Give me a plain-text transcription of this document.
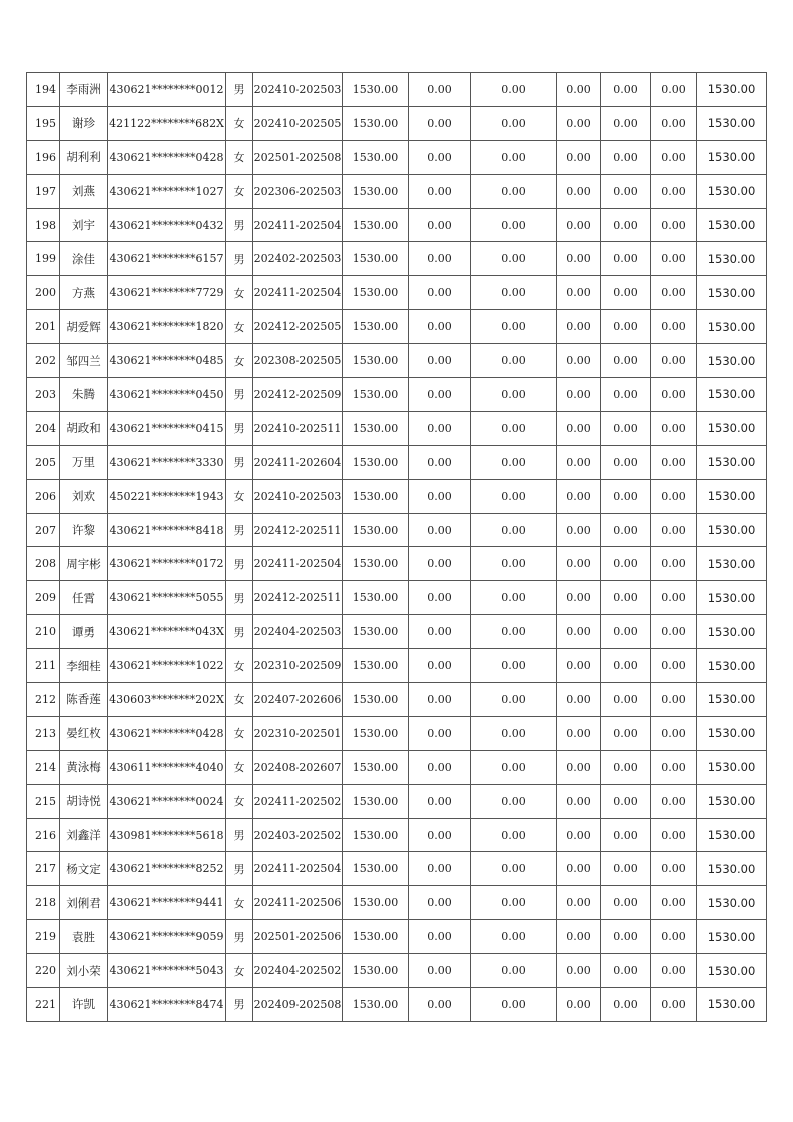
194	李雨洲	430621********0012	男	202410-202503	1530.00	0.00	0.00	0.00	0.00	0.00	1530.00
195	谢珍	421122********682X	女	202410-202505	1530.00	0.00	0.00	0.00	0.00	0.00	1530.00
196	胡利利	430621********0428	女	202501-202508	1530.00	0.00	0.00	0.00	0.00	0.00	1530.00
197	刘燕	430621********1027	女	202306-202503	1530.00	0.00	0.00	0.00	0.00	0.00	1530.00
198	刘宇	430621********0432	男	202411-202504	1530.00	0.00	0.00	0.00	0.00	0.00	1530.00
199	涂佳	430621********6157	男	202402-202503	1530.00	0.00	0.00	0.00	0.00	0.00	1530.00
200	方燕	430621********7729	女	202411-202504	1530.00	0.00	0.00	0.00	0.00	0.00	1530.00
201	胡爱辉	430621********1820	女	202412-202505	1530.00	0.00	0.00	0.00	0.00	0.00	1530.00
202	邹四兰	430621********0485	女	202308-202505	1530.00	0.00	0.00	0.00	0.00	0.00	1530.00
203	朱腾	430621********0450	男	202412-202509	1530.00	0.00	0.00	0.00	0.00	0.00	1530.00
204	胡政和	430621********0415	男	202410-202511	1530.00	0.00	0.00	0.00	0.00	0.00	1530.00
205	万里	430621********3330	男	202411-202604	1530.00	0.00	0.00	0.00	0.00	0.00	1530.00
206	刘欢	450221********1943	女	202410-202503	1530.00	0.00	0.00	0.00	0.00	0.00	1530.00
207	许黎	430621********8418	男	202412-202511	1530.00	0.00	0.00	0.00	0.00	0.00	1530.00
208	周宇彬	430621********0172	男	202411-202504	1530.00	0.00	0.00	0.00	0.00	0.00	1530.00
209	任霄	430621********5055	男	202412-202511	1530.00	0.00	0.00	0.00	0.00	0.00	1530.00
210	谭勇	430621********043X	男	202404-202503	1530.00	0.00	0.00	0.00	0.00	0.00	1530.00
211	李细桂	430621********1022	女	202310-202509	1530.00	0.00	0.00	0.00	0.00	0.00	1530.00
212	陈香莲	430603********202X	女	202407-202606	1530.00	0.00	0.00	0.00	0.00	0.00	1530.00
213	晏红枚	430621********0428	女	202310-202501	1530.00	0.00	0.00	0.00	0.00	0.00	1530.00
214	黄泳梅	430611********4040	女	202408-202607	1530.00	0.00	0.00	0.00	0.00	0.00	1530.00
215	胡诗悦	430621********0024	女	202411-202502	1530.00	0.00	0.00	0.00	0.00	0.00	1530.00
216	刘鑫洋	430981********5618	男	202403-202502	1530.00	0.00	0.00	0.00	0.00	0.00	1530.00
217	杨文定	430621********8252	男	202411-202504	1530.00	0.00	0.00	0.00	0.00	0.00	1530.00
218	刘俐君	430621********9441	女	202411-202506	1530.00	0.00	0.00	0.00	0.00	0.00	1530.00
219	袁胜	430621********9059	男	202501-202506	1530.00	0.00	0.00	0.00	0.00	0.00	1530.00
220	刘小荣	430621********5043	女	202404-202502	1530.00	0.00	0.00	0.00	0.00	0.00	1530.00
221	许凯	430621********8474	男	202409-202508	1530.00	0.00	0.00	0.00	0.00	0.00	1530.00
